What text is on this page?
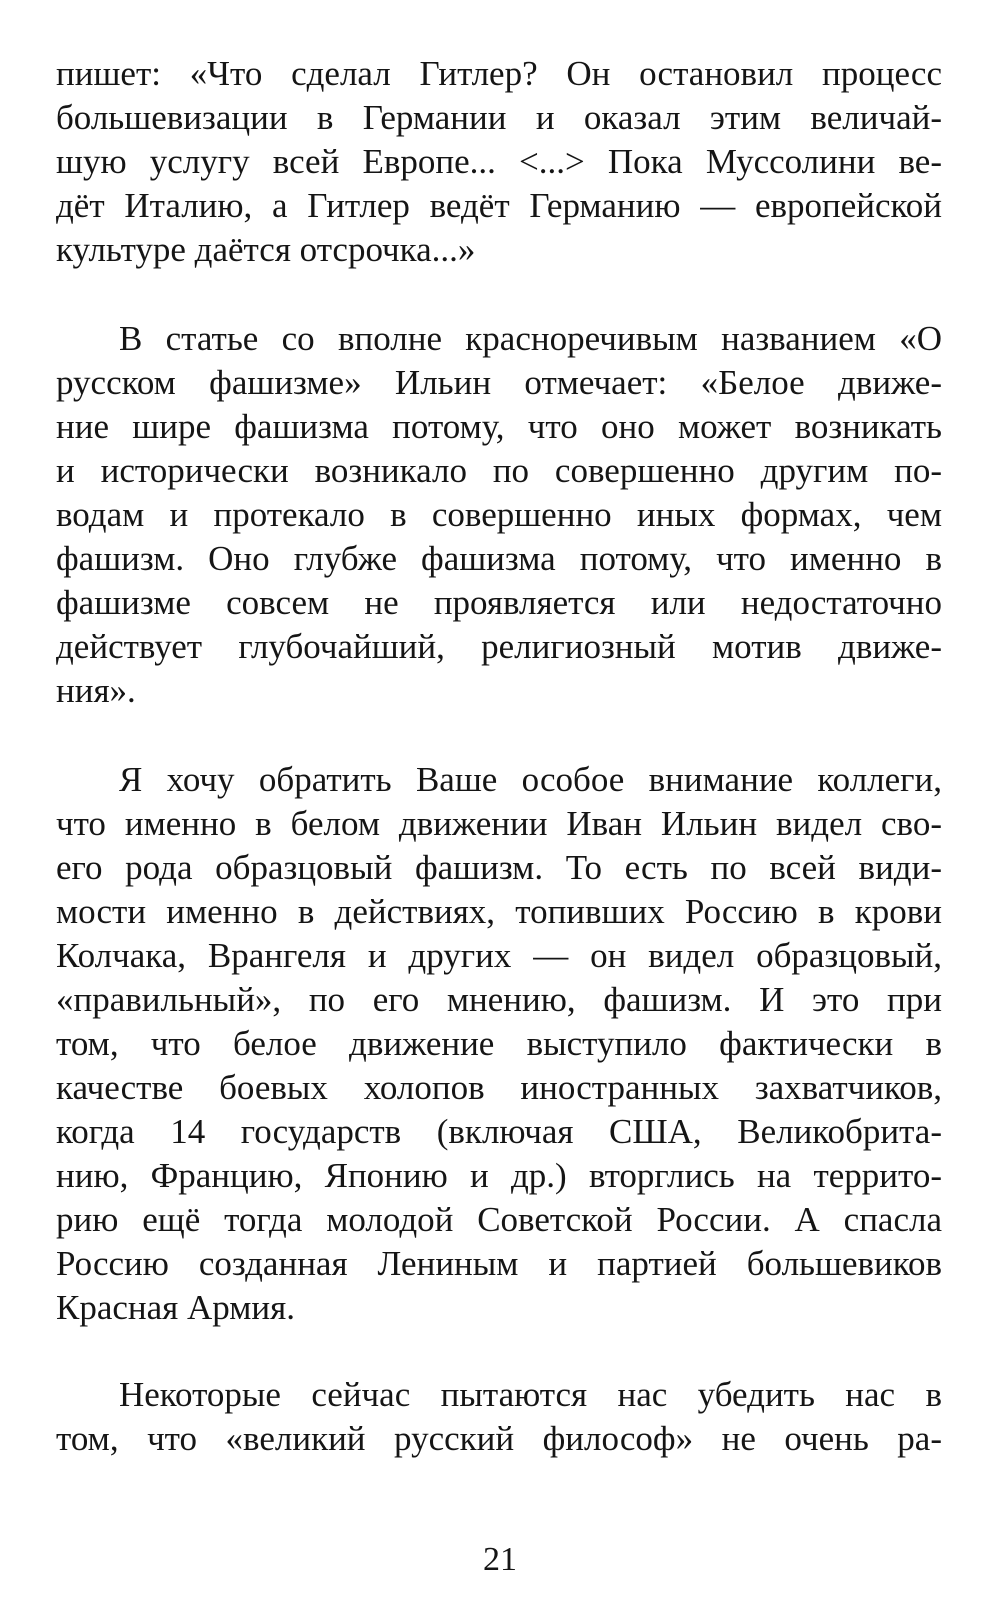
пишет: «Что сделал Гитлер? Он остановил процесс
большевизации в Германии и оказал этим величай-
шую услугу всей Европе... <...> Пока Муссолини ве-
дёт Италию, а Гитлер ведёт Германию — европейской
культуре даётся отсрочка...»
В статье со вполне красноречивым названием «О
русском фашизме» Ильин отмечает: «Белое движе-
ние шире фашизма потому, что оно может возникать
и исторически возникало по совершенно другим по-
водам и протекало в совершенно иных формах, чем
фашизм. Оно глубже фашизма потому, что именно в
фашизме совсем не проявляется или недостаточно
действует глубочайший, религиозный мотив движе-
ния».
Я хочу обратить Ваше особое внимание коллеги,
что именно в белом движении Иван Ильин видел сво-
его рода образцовый фашизм. То есть по всей види-
мости именно в действиях, топивших Россию в крови
Колчака, Врангеля и других — он видел образцовый,
«правильный», по его мнению, фашизм. И это при
том, что белое движение выступило фактически в
качестве боевых холопов иностранных захватчиков,
когда 14 государств (включая США, Великобрита-
нию, Францию, Японию и др.) вторглись на террито-
рию ещё тогда молодой Советской России. А спасла
Россию созданная Лениным и партией большевиков
Красная Армия.
Некоторые сейчас пытаются нас убедить нас в
том, что «великий русский философ» не очень ра-
21
